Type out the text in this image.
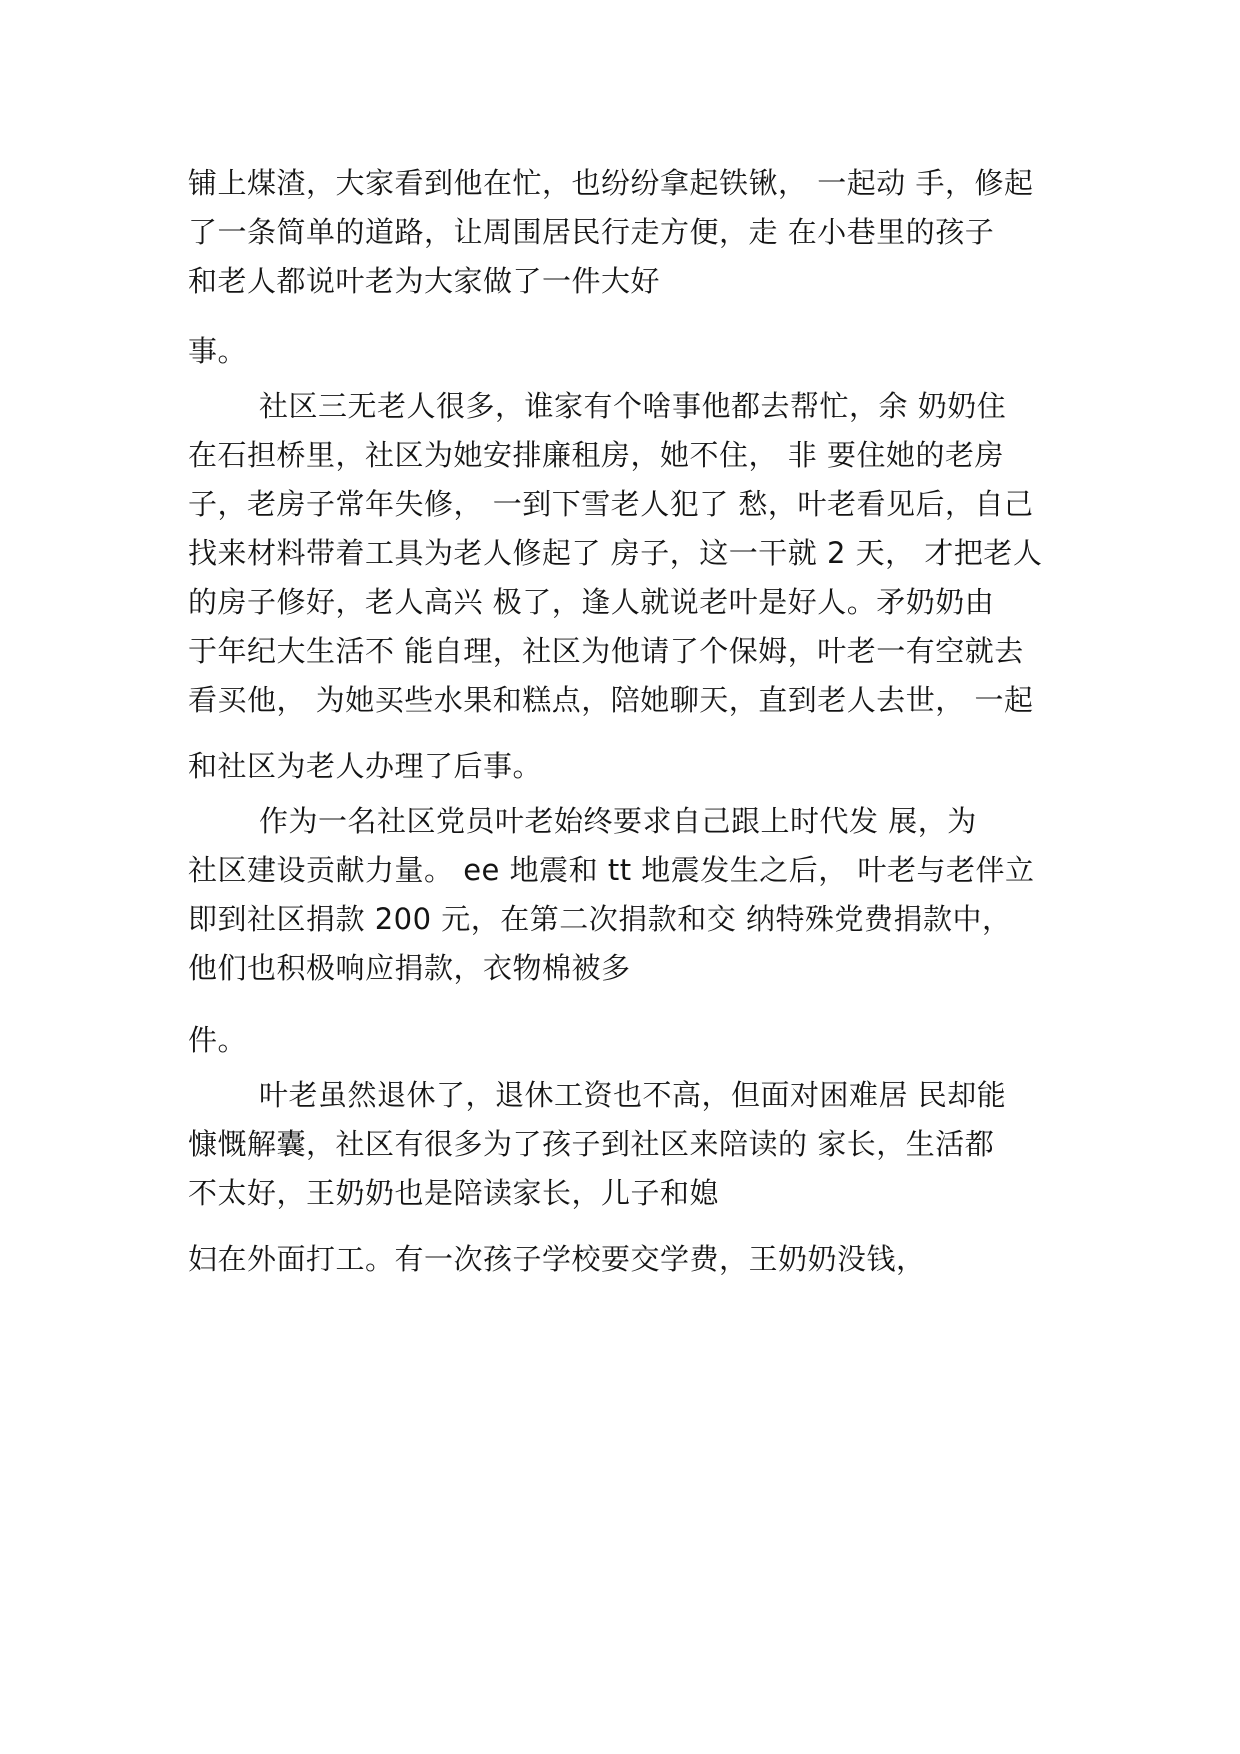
铺上煤渣，大家看到他在忙，也纷纷拿起铁锹， 一起动 手，修起

了一条简单的道路，让周围居民行走方便，走 在小巷里的孩子

和老人都说叶老为大家做了一件大好

事。

社区三无老人很多，谁家有个啥事他都去帮忙，余 奶奶住

在石担桥里，社区为她安排廉租房，她不住， 非 要住她的老房

子，老房子常年失修， 一到下雪老人犯了 愁，叶老看见后，自己

找来材料带着工具为老人修起了 房子，这一干就 2 天， 才把老人

的房子修好，老人高兴 极了，逢人就说老叶是好人。矛奶奶由

于年纪大生活不 能自理，社区为他请了个保姆，叶老一有空就去

看买他， 为她买些水果和糕点，陪她聊天，直到老人去世， 一起

和社区为老人办理了后事。

作为一名社区党员叶老始终要求自己跟上时代发 展，为

社区建设贡献力量。 ee 地震和 tt 地震发生之后， 叶老与老伴立

即到社区捐款 200 元，在第二次捐款和交 纳特殊党费捐款中，

他们也积极响应捐款，衣物棉被多

件。

叶老虽然退休了，退休工资也不高，但面对困难居 民却能

慷慨解囊，社区有很多为了孩子到社区来陪读的 家长，生活都

不太好，王奶奶也是陪读家长，儿子和媳

妇在外面打工。有一次孩子学校要交学费，王奶奶没钱，
